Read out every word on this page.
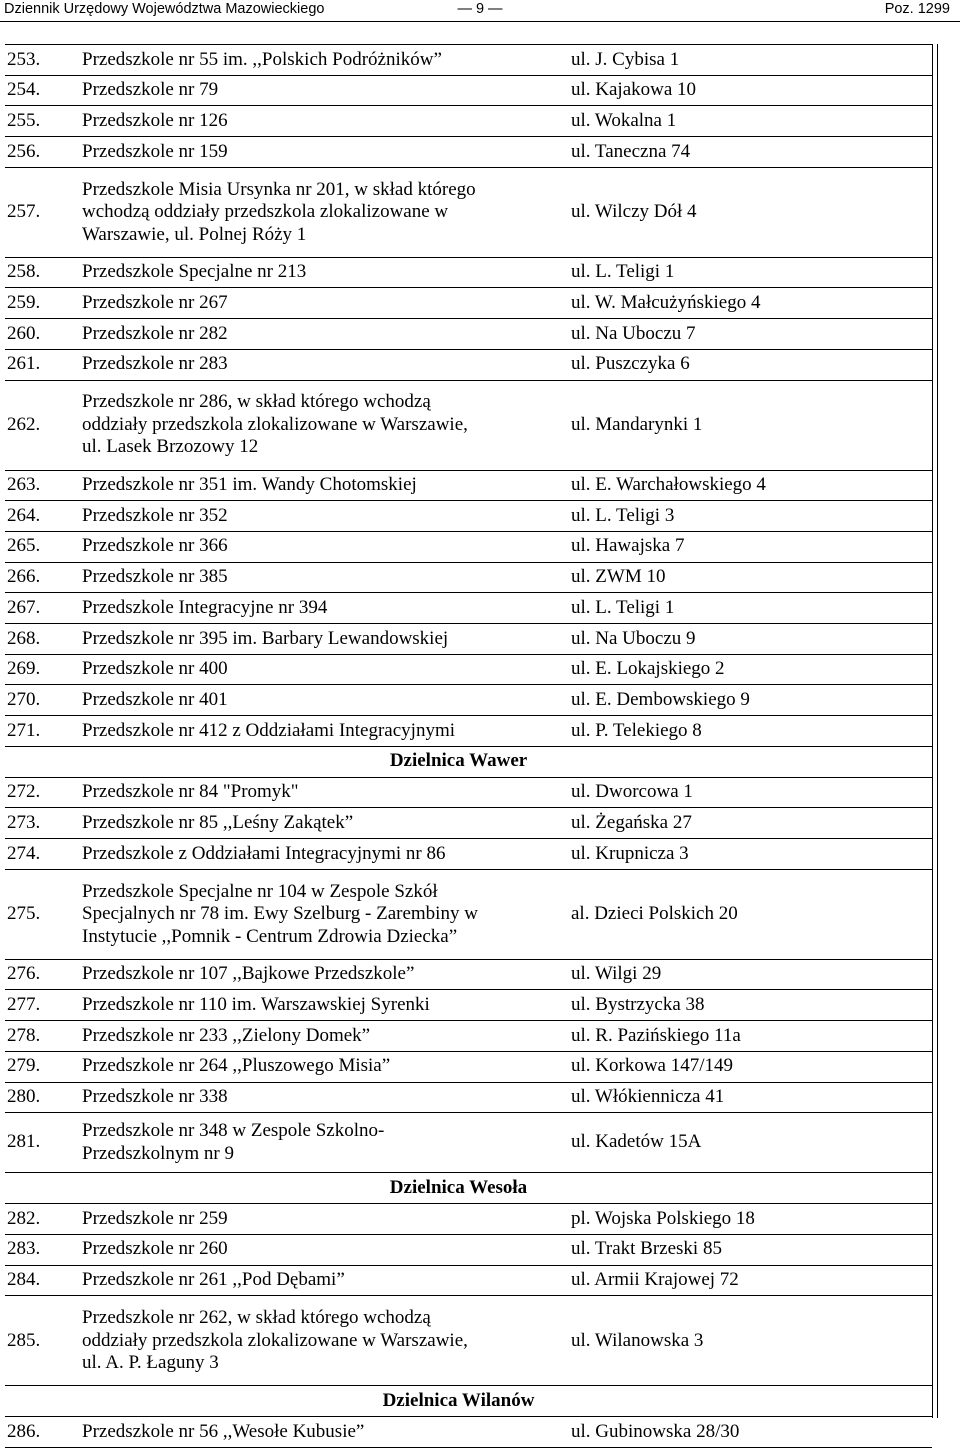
Dziennik Urzędowy Województwa Mazowieckiego	— 9 —	Poz. 1299
253.	Przedszkole nr 55 im. ,,Polskich Podróżników”	ul. J. Cybisa 1
254.	Przedszkole nr 79	ul. Kajakowa 10
255.	Przedszkole nr 126	ul. Wokalna 1
256.	Przedszkole nr 159	ul. Taneczna 74
257.	Przedszkole Misia Ursynka nr 201, w skład którego
wchodzą oddziały przedszkola zlokalizowane w
Warszawie, ul. Polnej Róży 1	ul. Wilczy Dół 4
258.	Przedszkole Specjalne nr 213	ul. L. Teligi 1
259.	Przedszkole nr 267	ul. W. Małcużyńskiego 4
260.	Przedszkole nr 282	ul. Na Uboczu 7
261.	Przedszkole nr 283	ul. Puszczyka 6
262.	Przedszkole nr 286, w skład którego wchodzą
oddziały przedszkola zlokalizowane w Warszawie,
ul. Lasek Brzozowy 12	ul. Mandarynki 1
263.	Przedszkole nr 351 im. Wandy Chotomskiej	ul. E. Warchałowskiego 4
264.	Przedszkole nr 352	ul. L. Teligi 3
265.	Przedszkole nr 366	ul. Hawajska 7
266.	Przedszkole nr 385	ul. ZWM 10
267.	Przedszkole Integracyjne nr 394	ul. L. Teligi 1
268.	Przedszkole nr 395 im. Barbary Lewandowskiej	ul. Na Uboczu 9
269.	Przedszkole nr 400	ul. E. Lokajskiego 2
270.	Przedszkole nr 401	ul. E. Dembowskiego 9
271.	Przedszkole nr 412 z Oddziałami Integracyjnymi	ul. P. Telekiego 8
Dzielnica Wawer		
272.	Przedszkole nr 84 "Promyk"	ul. Dworcowa 1
273.	Przedszkole nr 85 ,,Leśny Zakątek”	ul. Żegańska 27
274.	Przedszkole z Oddziałami Integracyjnymi nr 86	ul. Krupnicza 3
275.	Przedszkole Specjalne nr 104 w Zespole Szkół
Specjalnych nr 78 im. Ewy Szelburg - Zarembiny w
Instytucie ,,Pomnik - Centrum Zdrowia Dziecka”	al. Dzieci Polskich 20
276.	Przedszkole nr 107 ,,Bajkowe Przedszkole”	ul. Wilgi 29
277.	Przedszkole nr 110 im. Warszawskiej Syrenki	ul. Bystrzycka 38
278.	Przedszkole nr 233 ,,Zielony Domek”	ul. R. Pazińskiego 11a
279.	Przedszkole nr 264 ,,Pluszowego Misia”	ul. Korkowa 147/149
280.	Przedszkole nr 338	ul. Włókiennicza 41
281.	Przedszkole nr 348 w Zespole Szkolno-
Przedszkolnym nr 9	ul. Kadetów 15A
Dzielnica Wesoła		
282.	Przedszkole nr 259	pl. Wojska Polskiego 18
283.	Przedszkole nr 260	ul. Trakt Brzeski 85
284.	Przedszkole nr 261 ,,Pod Dębami”	ul. Armii Krajowej 72
285.	Przedszkole nr 262, w skład którego wchodzą
oddziały przedszkola zlokalizowane w Warszawie,
ul. A. P. Łaguny 3	ul. Wilanowska 3
Dzielnica Wilanów		
286.	Przedszkole nr 56 ,,Wesołe Kubusie”	ul. Gubinowska 28/30
